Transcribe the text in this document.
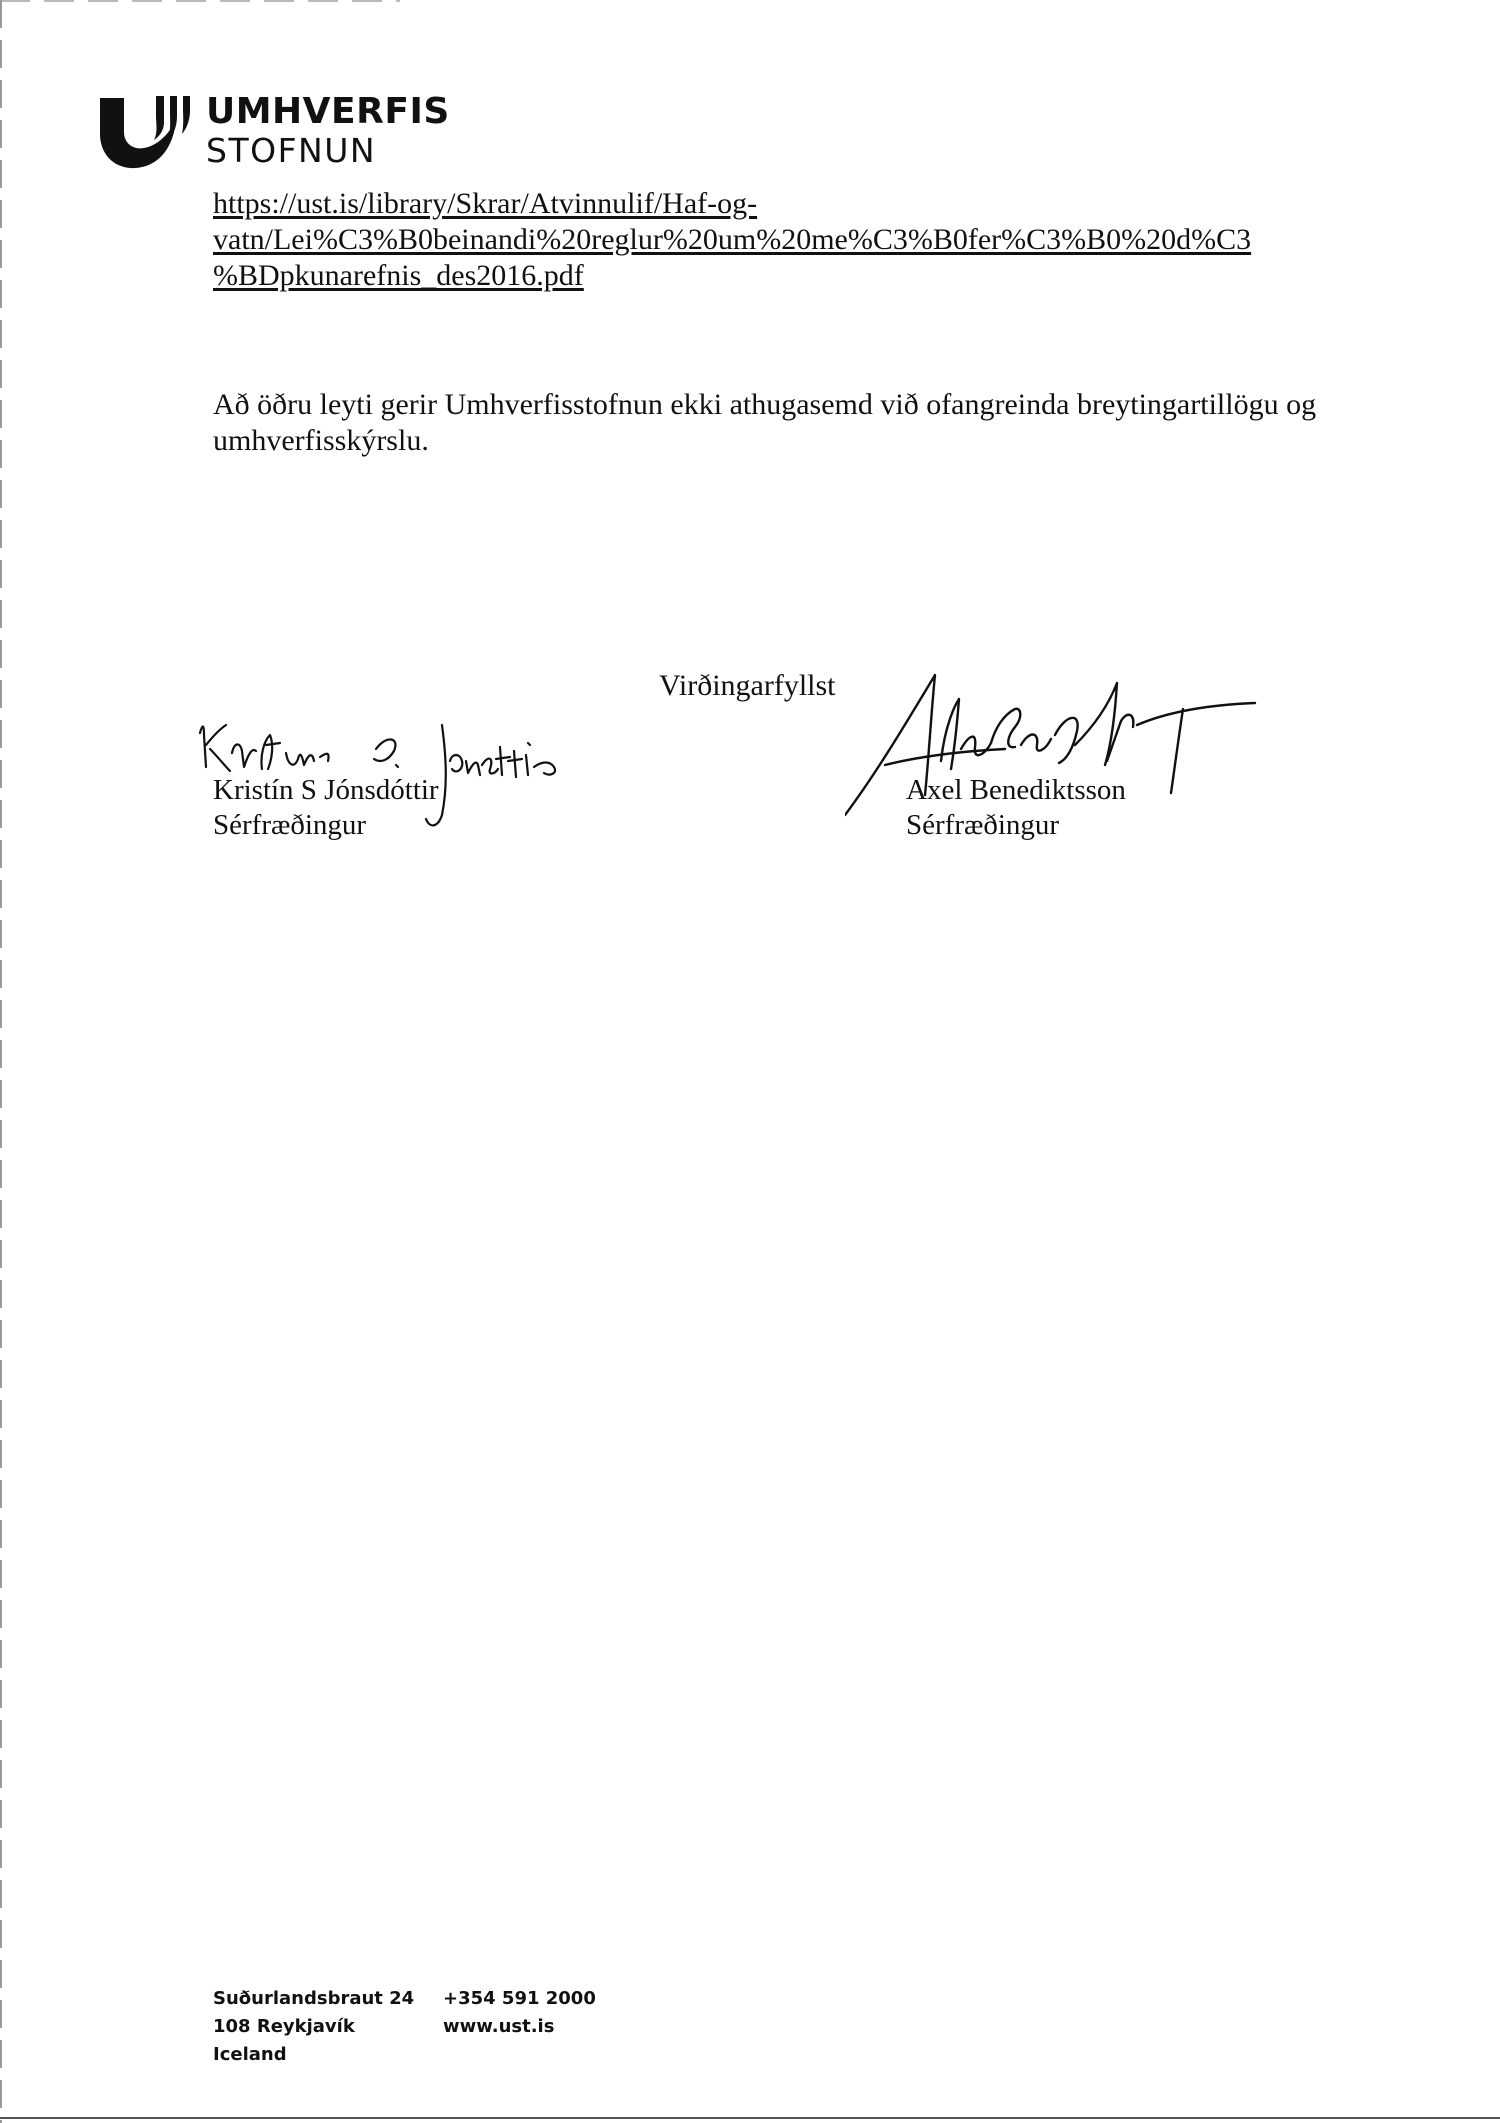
UMHVERFIS
STOFNUN
https://ust.is/library/Skrar/Atvinnulif/Haf-og-
vatn/Lei%C3%B0beinandi%20reglur%20um%20me%C3%B0fer%C3%B0%20d%C3
%BDpkunarefnis_des2016.pdf
Að öðru leyti gerir Umhverfisstofnun ekki athugasemd við ofangreinda breytingartillögu og umhverfisskýrslu.
Virðingarfyllst
Kristín S Jónsdóttir
Sérfræðingur
Axel Benediktsson
Sérfræðingur
Suðurlandsbraut 24
108 Reykjavík
Iceland
+354 591 2000
www.ust.is
